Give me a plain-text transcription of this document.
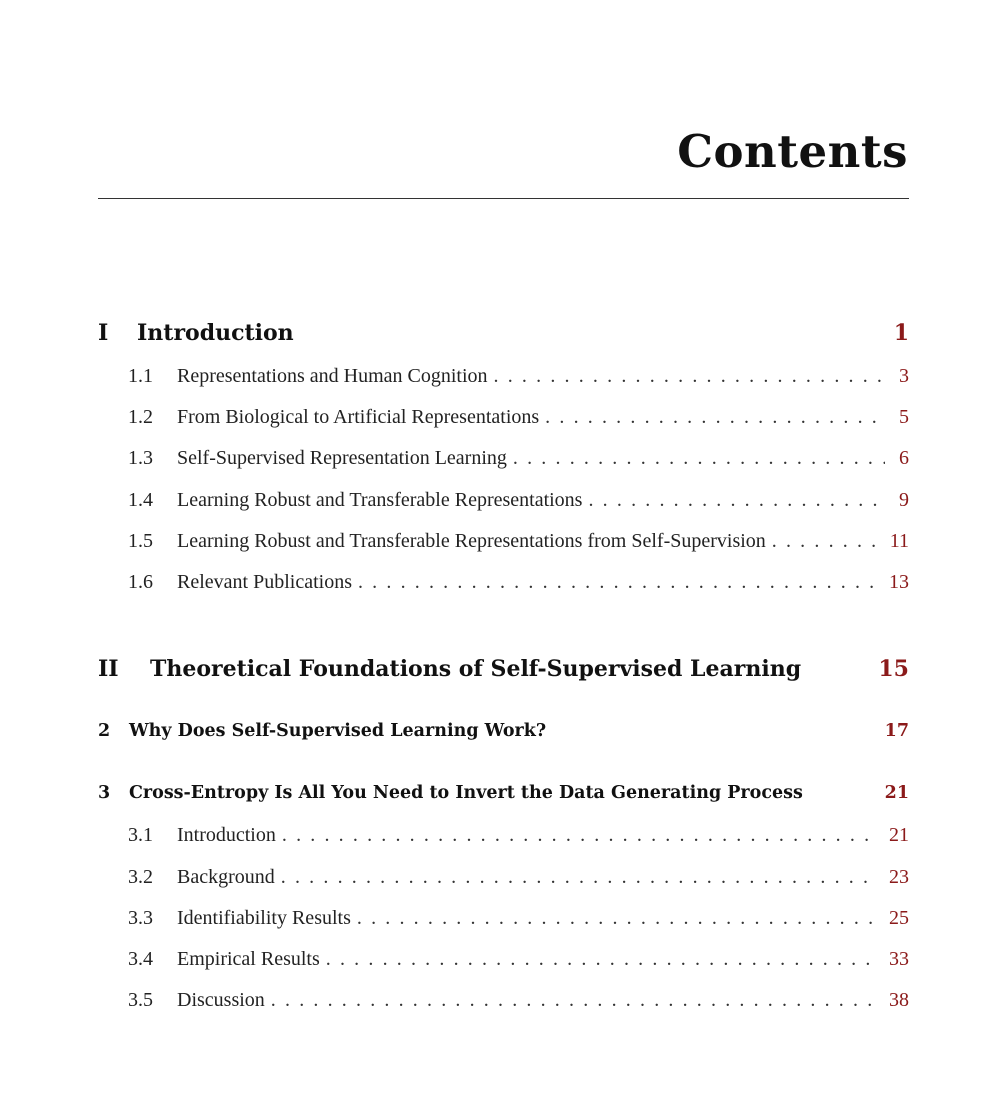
Contents
I	Introduction	1
1.1	Representations and Human Cognition . . .	3
1.2	From Biological to Artificial Representations . . .	5
1.3	Self-Supervised Representation Learning . . .	6
1.4	Learning Robust and Transferable Representations . . .	9
1.5	Learning Robust and Transferable Representations from Self-Supervision . . .	11
1.6	Relevant Publications . . .	13
II	Theoretical Foundations of Self-Supervised Learning	15
2	Why Does Self-Supervised Learning Work?	17
3	Cross-Entropy Is All You Need to Invert the Data Generating Process	21
3.1	Introduction . . .	21
3.2	Background . . .	23
3.3	Identifiability Results . . .	25
3.4	Empirical Results . . .	33
3.5	Discussion . . .	38
